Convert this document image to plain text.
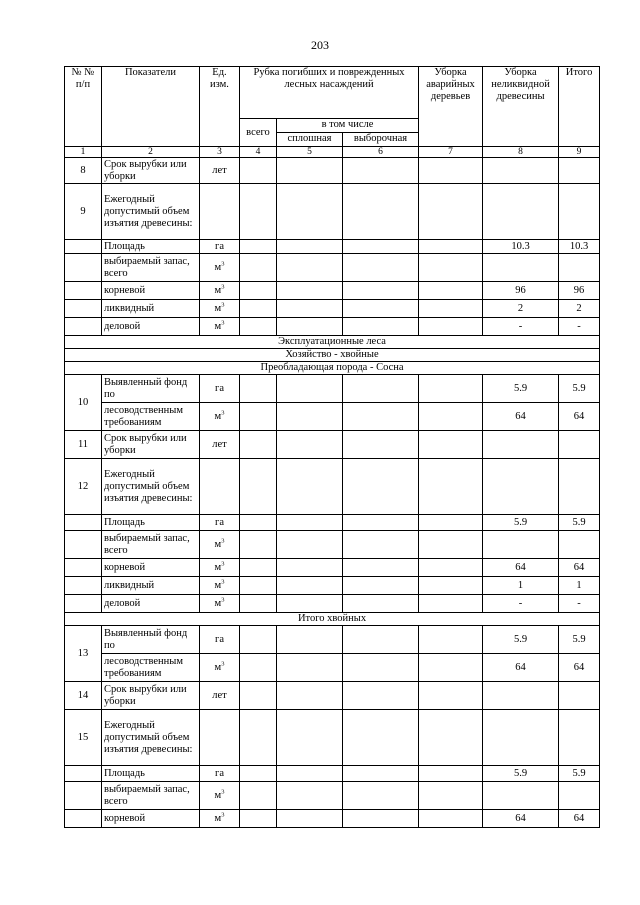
203
№ № п/п	Показатели	Ед. изм.	Рубка погибших и поврежденных лесных насаждений			Уборка аварийных деревьев	Уборка неликвидной древесины	Итого
			всего	в том числе				
				сплошная	выборочная			
1	2	3	4	5	6	7	8	9
8	Срок вырубки или уборки	лет						
9	Ежегодный допустимый объем изъятия древесины:							
	Площадь	га					10.3	10.3
	выбираемый запас, всего	$м^3$						
	корневой	$м^3$					96	96
	ликвидный	$м^3$					2	2
	деловой	$м^3$					-	-
Эксплуатационные леса								
Хозяйство - хвойные								
Преобладающая порода - Сосна								
10	Выявленный фонд по	га					5.9	5.9
	лесоводственным требованиям	$м^3$					64	64
11	Срок вырубки или уборки	лет						
12	Ежегодный допустимый объем изъятия древесины:							
	Площадь	га					5.9	5.9
	выбираемый запас, всего	$м^3$						
	корневой	$м^3$					64	64
	ликвидный	$м^3$					1	1
	деловой	$м^3$					-	-
Итого хвойных								
13	Выявленный фонд по	га					5.9	5.9
	лесоводственным требованиям	$м^3$					64	64
14	Срок вырубки или уборки	лет						
15	Ежегодный допустимый объем изъятия древесины:							
	Площадь	га					5.9	5.9
	выбираемый запас, всего	$м^3$						
	корневой	$м^3$					64	64
